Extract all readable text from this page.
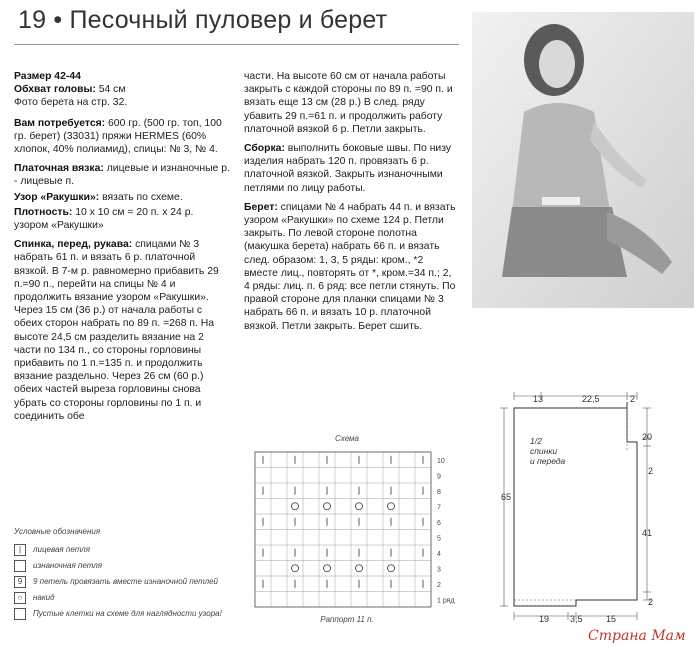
19 • Песочный пуловер и берет

Размер 42-44
Обхват головы: 54 см
Фото берета на стр. 32.

Вам потребуется: 600 гр. (500 гр. топ, 100 гр. берет) (33031) пряжи HERMES (60% хлопок, 40% полиамид), спицы: № 3, № 4.

Платочная вязка: лицевые и изнаночные р. - лицевые п.

Узор «Ракушки»: вязать по схеме.

Плотность: 10 х 10 см = 20 п. х 24 р. узором «Ракушки»

Спинка, перед, рукава: спицами № 3 набрать 61 п. и вязать 6 р. платочной вязкой. В 7-м р. равномерно прибавить 29 п.=90 п., перейти на спицы № 4 и продолжить вязание узором «Ракушки». Через 15 см (36 р.) от начала работы с обеих сторон набрать по 89 п. =268 п. На высоте 24,5 см разделить вязание на 2 части по 134 п., со стороны горловины прибавить по 1 п.=135 п. и продолжить вязание раздельно. Через 26 см (60 р.) обеих частей выреза горловины снова убрать со стороны горловины по 1 п. и соединить обе

части. На высоте 60 см от начала работы закрыть с каждой стороны по 89 п. =90 п. и вязать еще 13 см (28 р.) В след. ряду убавить 29 п.=61 п. и продолжить работу платочной вязкой 6 р. Петли закрыть.

Сборка: выполнить боковые швы. По низу изделия набрать 120 п. провязать 6 р. платочной вязкой. Закрыть изнаночными петлями по лицу работы.

Берет: спицами № 4 набрать 44 п. и вязать узором «Ракушки» по схеме 124 р. Петли закрыть. По левой стороне полотна (макушка берета) набрать 66 п. и вязать след. образом: 1, 3, 5 ряды: кром., *2 вместе лиц., повторять от *, кром.=34 п.; 2, 4 ряды: лиц. п. 6 ряд: все петли стянуть. По правой стороне для планки спицами № 3 набрать 66 п. и вязать 10 р. платочной вязкой. Петли закрыть. Берет сшить.

Условные обозначения
|	лицевая петля
изнаночная петля
9	9 петель провязать вместе изнаночной петлей
○	накид
Пустые клетки на схеме для наглядности узора!
Схема
10
9
8
7
6
5
4
3
2
1 ряд
Раппорт 11 п.
13	22,5	2
20
2
41
2
65
19 3,5	15
1/2
спинки
и переда
Страна Мам
